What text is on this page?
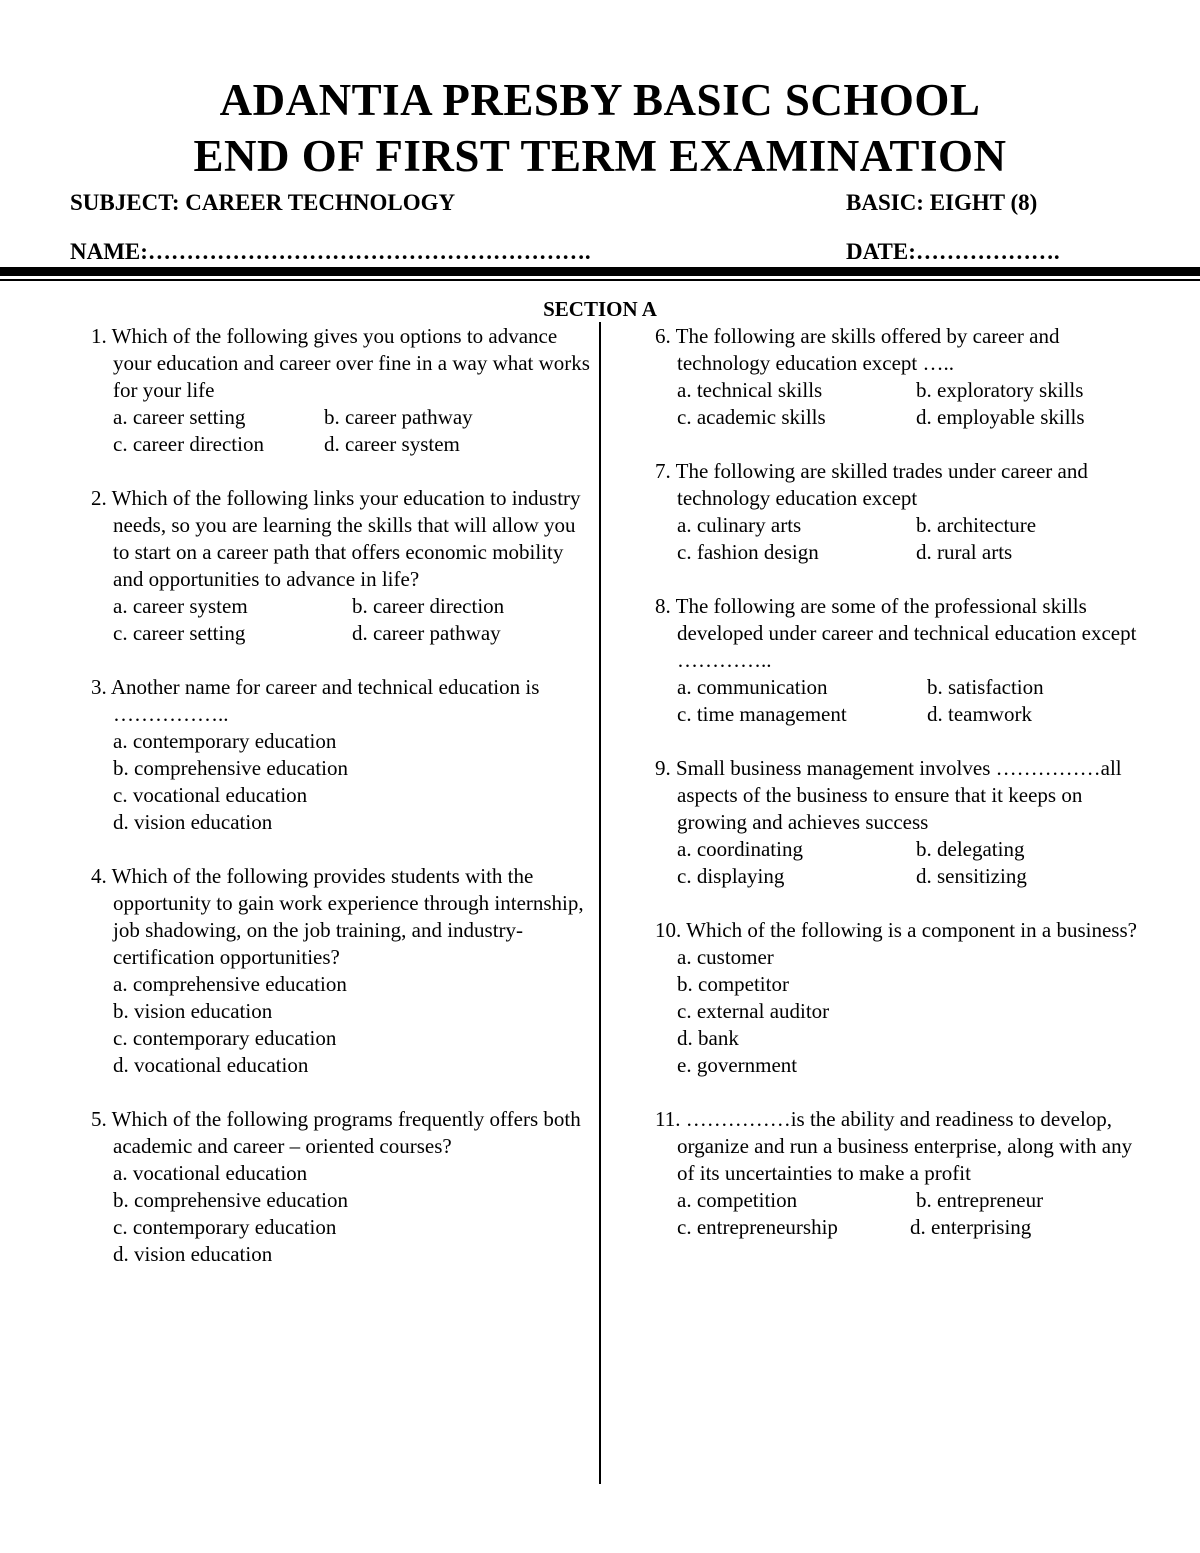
ADANTIA PRESBY BASIC SCHOOL
END OF FIRST TERM EXAMINATION
SUBJECT: CAREER TECHNOLOGY	BASIC: EIGHT (8)
NAME:………………………………………………….	DATE:……………….
SECTION A
1. Which of the following gives you options to advance your education and career over fine in a way what works for your life
a. career setting	b. career pathway
c. career direction	d. career system
2. Which of the following links your education to industry needs, so you are learning the skills that will allow you to start on a career path that offers economic mobility and opportunities to advance in life?
a. career system	b. career direction
c. career setting	d. career pathway
3. Another name for career and technical education is ……………..
a. contemporary education
b. comprehensive education
c. vocational education
d. vision education
4. Which of the following provides students with the opportunity to gain work experience through internship, job shadowing, on the job training, and industry-certification opportunities?
a. comprehensive education
b. vision education
c. contemporary education
d. vocational education
5. Which of the following programs frequently offers both academic and career – oriented courses?
a. vocational education
b. comprehensive education
c. contemporary education
d. vision education
6. The following are skills offered by career and technology education except …..
a. technical skills	b. exploratory skills
c. academic skills	d. employable skills
7. The following are skilled trades under career and technology education except
a. culinary arts	b. architecture
c. fashion design	d. rural arts
8. The following are some of the professional skills developed under career and technical education except …………..
a. communication	b. satisfaction
c. time management	d. teamwork
9. Small business management involves ……………all aspects of the business to ensure that it keeps on growing and achieves success
a. coordinating	b. delegating
c. displaying	d. sensitizing
10. Which of the following is a component in a business?
a. customer
b. competitor
c. external auditor
d. bank
e. government
11. ……………is the ability and readiness to develop, organize and run a business enterprise, along with any of its uncertainties to make a profit
a. competition	b. entrepreneur
c. entrepreneurship	d. enterprising
